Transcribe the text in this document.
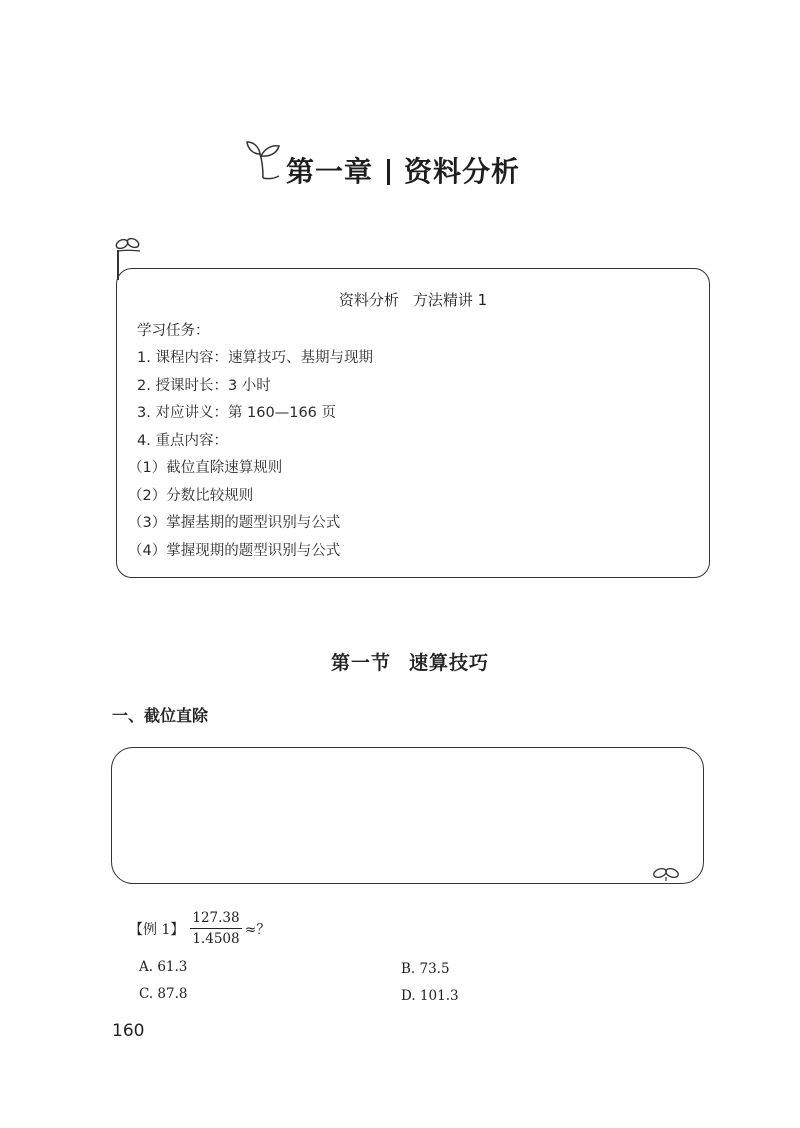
第一章 资料分析
资料分析 方法精讲 1
学习任务：
1. 课程内容：速算技巧、基期与现期
2. 授课时长：3 小时
3. 对应讲义：第 160—166 页
4. 重点内容：
（1）截位直除速算规则
（2）分数比较规则
（3）掌握基期的题型识别与公式
（4）掌握现期的题型识别与公式
第一节 速算技巧
一、截位直除
【例 1】 $\frac{127.38}{1.4508}$ ≈？
A. 61.3	B. 73.5
C. 87.8	D. 101.3
160
